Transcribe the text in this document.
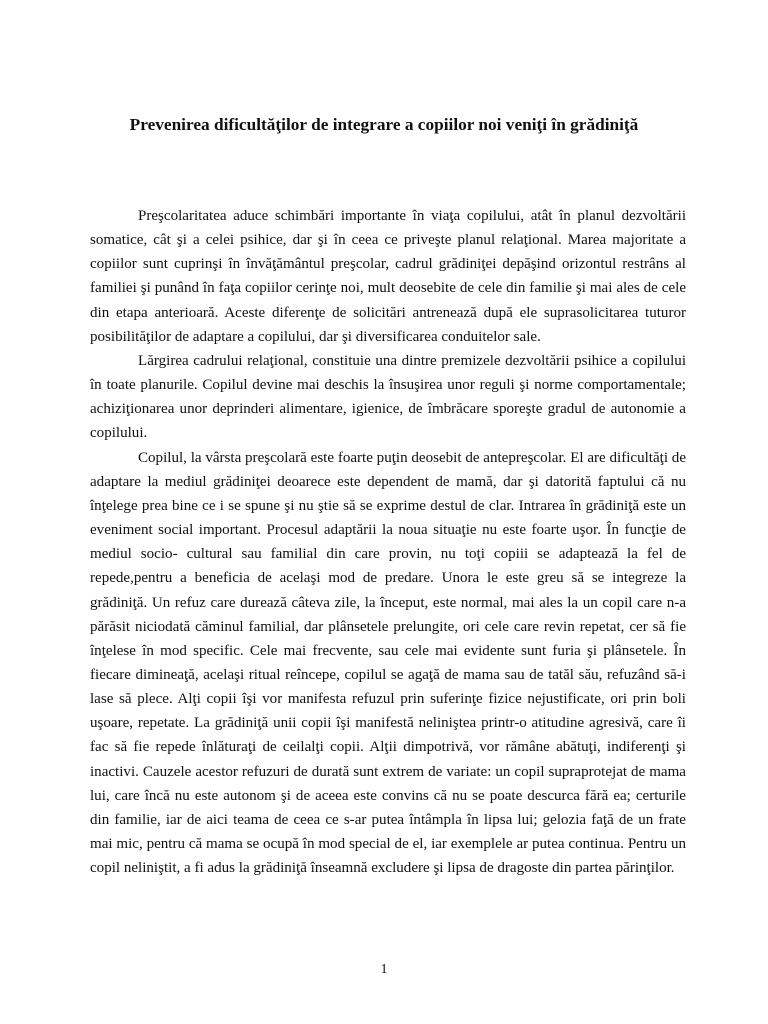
Prevenirea dificultăţilor de integrare a copiilor noi veniţi în grădiniţă

Preşcolaritatea aduce schimbări importante în viaţa copilului, atât în planul dezvoltării somatice, cât şi a celei psihice, dar şi în ceea ce priveşte planul relaţional. Marea majoritate a copiilor sunt cuprinşi în învăţământul preşcolar, cadrul grădiniţei depăşind orizontul restrâns al familiei şi punând în faţa copiilor cerinţe noi, mult deosebite de cele din familie şi mai ales de cele din etapa anterioară. Aceste diferenţe de solicitări antrenează după ele suprasolicitarea tuturor posibilităţilor de adaptare a copilului, dar şi diversificarea conduitelor sale.

Lărgirea cadrului relaţional, constituie una dintre premizele dezvoltării psihice a copilului în toate planurile. Copilul devine mai deschis la însuşirea unor reguli şi norme comportamentale; achiziţionarea unor deprinderi alimentare, igienice, de îmbrăcare sporeşte gradul de autonomie a copilului.

Copilul, la vârsta preşcolară este foarte puţin deosebit de antepreşcolar. El are dificultăţi de adaptare la mediul grădiniţei deoarece este dependent de mamă, dar şi datorită faptului că nu înţelege prea bine ce i se spune şi nu ştie să se exprime destul de clar. Intrarea în grădiniţă este un eveniment social important. Procesul adaptării la noua situaţie nu este foarte uşor. În funcţie de mediul socio- cultural sau familial din care provin, nu toţi copiii se adaptează la fel de repede,pentru a beneficia de acelaşi mod de predare. Unora le este greu să se integreze la grădiniţă. Un refuz care durează câteva zile, la început, este normal, mai ales la un copil care n-a părăsit niciodată căminul familial, dar plânsetele prelungite, ori cele care revin repetat, cer să fie înţelese în mod specific. Cele mai frecvente, sau cele mai evidente sunt furia şi plânsetele. În fiecare dimineaţă, acelaşi ritual reîncepe, copilul se agaţă de mama sau de tatăl său, refuzând să-i lase să plece. Alţi copii îşi vor manifesta refuzul prin suferinţe fizice nejustificate, ori prin boli uşoare, repetate. La grădiniţă unii copii îşi manifestă neliniştea printr-o atitudine agresivă, care îi fac să fie repede înlăturaţi de ceilalţi copii. Alţii dimpotrivă, vor rămâne abătuţi, indiferenţi şi inactivi. Cauzele acestor refuzuri de durată sunt extrem de variate: un copil supraprotejat de mama lui, care încă nu este autonom şi de aceea este convins că nu se poate descurca fără ea; certurile din familie, iar de aici teama de ceea ce s-ar putea întâmpla în lipsa lui; gelozia faţă de un frate mai mic, pentru că mama se ocupă în mod special de el, iar exemplele ar putea continua. Pentru un copil neliniştit, a fi adus la grădiniţă înseamnă excludere şi lipsa de dragoste din partea părinţilor.

1
